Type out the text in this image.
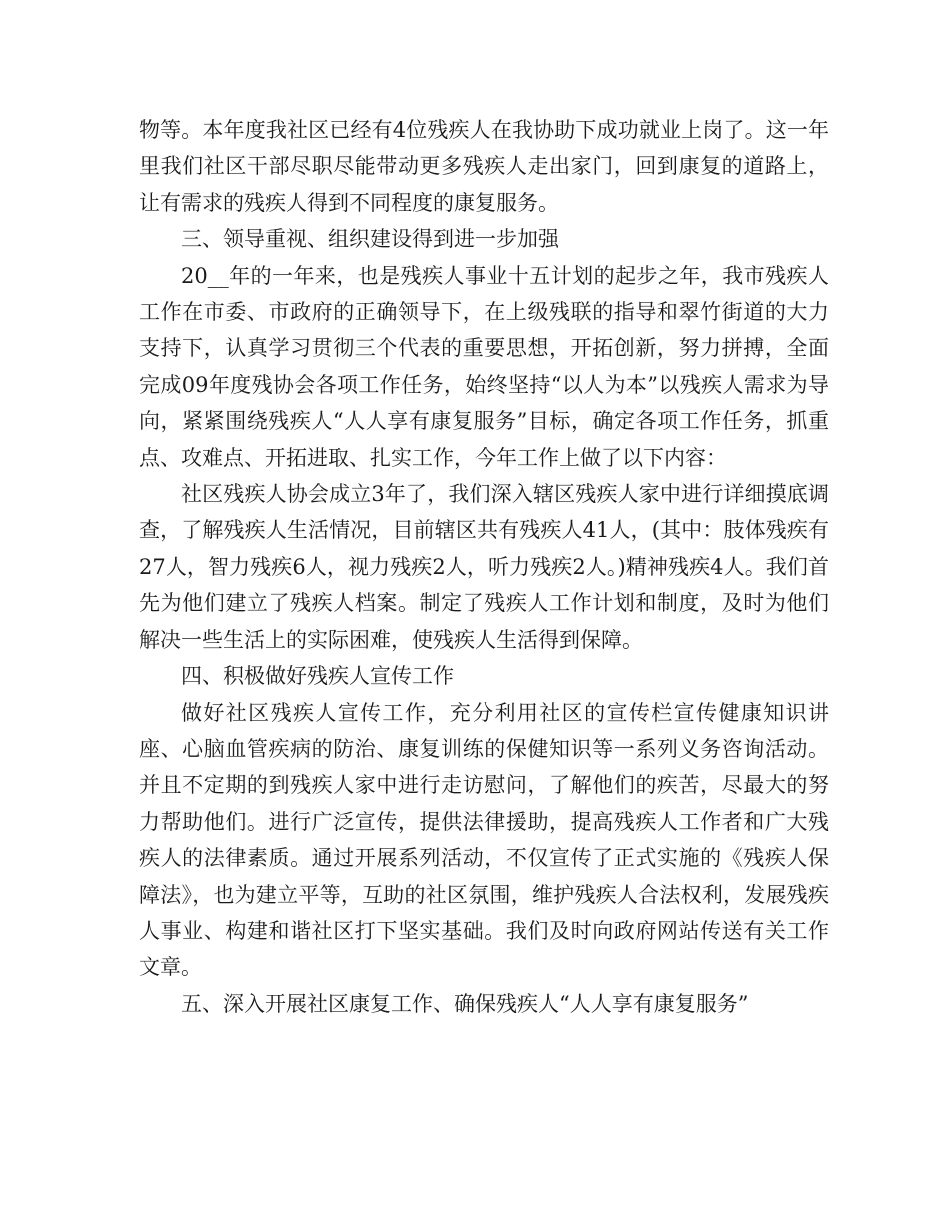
物等。本年度我社区已经有4位残疾人在我协助下成功就业上岗了。这一年里我们社区干部尽职尽能带动更多残疾人走出家门，回到康复的道路上，让有需求的残疾人得到不同程度的康复服务。

三、领导重视、组织建设得到进一步加强

20__年的一年来，也是残疾人事业十五计划的起步之年，我市残疾人工作在市委、市政府的正确领导下，在上级残联的指导和翠竹街道的大力支持下，认真学习贯彻三个代表的重要思想，开拓创新，努力拼搏，全面完成09年度残协会各项工作任务，始终坚持“以人为本”以残疾人需求为导向，紧紧围绕残疾人“人人享有康复服务”目标，确定各项工作任务，抓重点、攻难点、开拓进取、扎实工作，今年工作上做了以下内容：

社区残疾人协会成立3年了，我们深入辖区残疾人家中进行详细摸底调查，了解残疾人生活情况，目前辖区共有残疾人41人，(其中：肢体残疾有27人，智力残疾6人，视力残疾2人，听力残疾2人。)精神残疾4人。我们首先为他们建立了残疾人档案。制定了残疾人工作计划和制度，及时为他们解决一些生活上的实际困难，使残疾人生活得到保障。

四、积极做好残疾人宣传工作

做好社区残疾人宣传工作，充分利用社区的宣传栏宣传健康知识讲座、心脑血管疾病的防治、康复训练的保健知识等一系列义务咨询活动。并且不定期的到残疾人家中进行走访慰问，了解他们的疾苦，尽最大的努力帮助他们。进行广泛宣传，提供法律援助，提高残疾人工作者和广大残疾人的法律素质。通过开展系列活动，不仅宣传了正式实施的《残疾人保障法》，也为建立平等，互助的社区氛围，维护残疾人合法权利，发展残疾人事业、构建和谐社区打下坚实基础。我们及时向政府网站传送有关工作文章。

五、深入开展社区康复工作、确保残疾人“人人享有康复服务”
